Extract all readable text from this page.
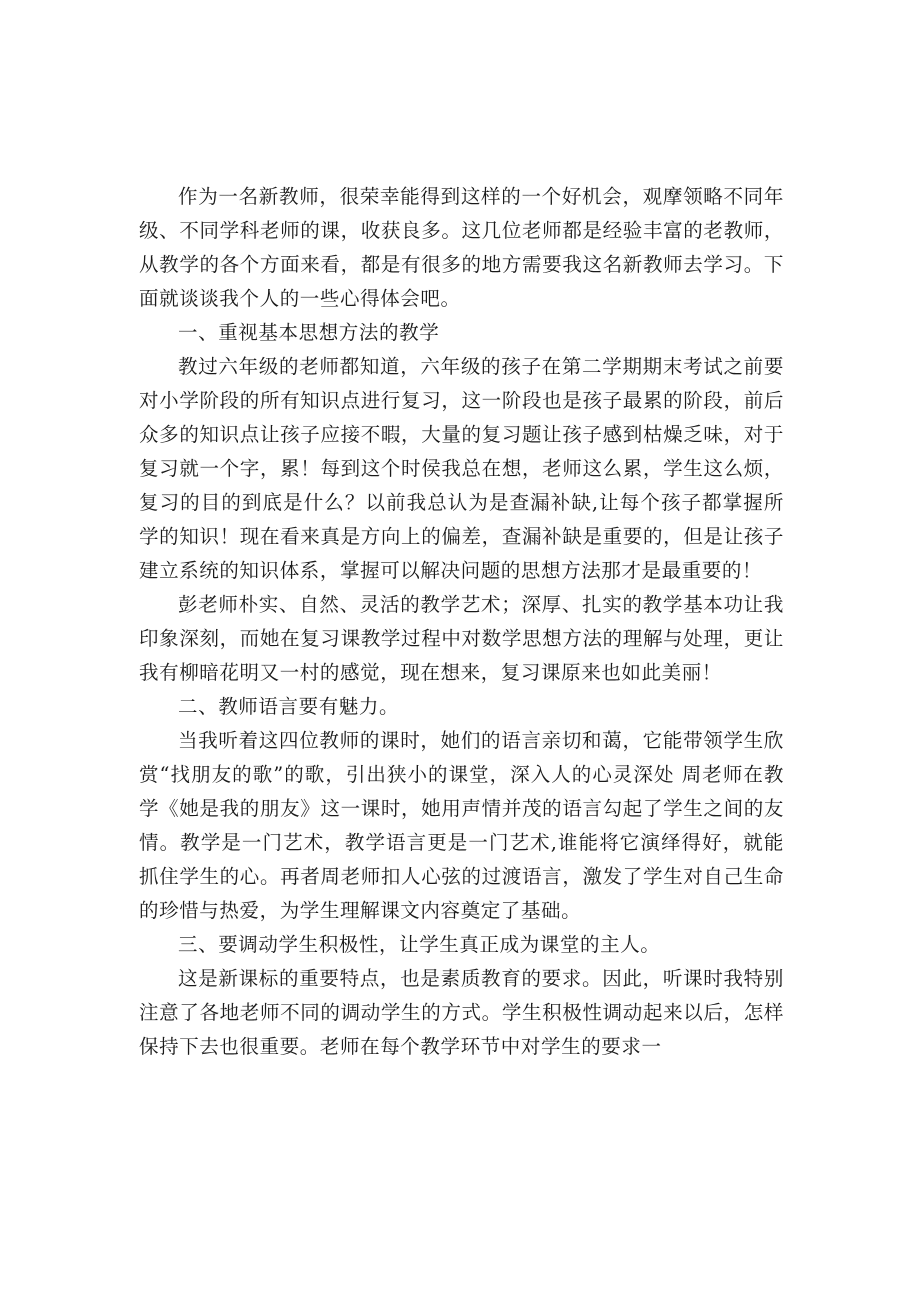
作为一名新教师，很荣幸能得到这样的一个好机会，观摩领略不同年级、不同学科老师的课，收获良多。这几位老师都是经验丰富的老教师，从教学的各个方面来看，都是有很多的地方需要我这名新教师去学习。下面就谈谈我个人的一些心得体会吧。

一、重视基本思想方法的教学

教过六年级的老师都知道，六年级的孩子在第二学期期末考试之前要对小学阶段的所有知识点进行复习，这一阶段也是孩子最累的阶段，前后众多的知识点让孩子应接不暇，大量的复习题让孩子感到枯燥乏味，对于复习就一个字，累！每到这个时侯我总在想，老师这么累，学生这么烦，复习的目的到底是什么？以前我总认为是查漏补缺,让每个孩子都掌握所学的知识！现在看来真是方向上的偏差，查漏补缺是重要的，但是让孩子建立系统的知识体系，掌握可以解决问题的思想方法那才是最重要的！

彭老师朴实、自然、灵活的教学艺术；深厚、扎实的教学基本功让我印象深刻，而她在复习课教学过程中对数学思想方法的理解与处理，更让我有柳暗花明又一村的感觉，现在想来，复习课原来也如此美丽！

二、教师语言要有魅力。

当我听着这四位教师的课时，她们的语言亲切和蔼，它能带领学生欣赏“找朋友的歌”的歌，引出狭小的课堂，深入人的心灵深处 周老师在教学《她是我的朋友》这一课时，她用声情并茂的语言勾起了学生之间的友情。教学是一门艺术，教学语言更是一门艺术,谁能将它演绎得好，就能抓住学生的心。再者周老师扣人心弦的过渡语言，激发了学生对自己生命的珍惜与热爱，为学生理解课文内容奠定了基础。

三、要调动学生积极性，让学生真正成为课堂的主人。

这是新课标的重要特点，也是素质教育的要求。因此，听课时我特别注意了各地老师不同的调动学生的方式。学生积极性调动起来以后，怎样保持下去也很重要。老师在每个教学环节中对学生的要求一
